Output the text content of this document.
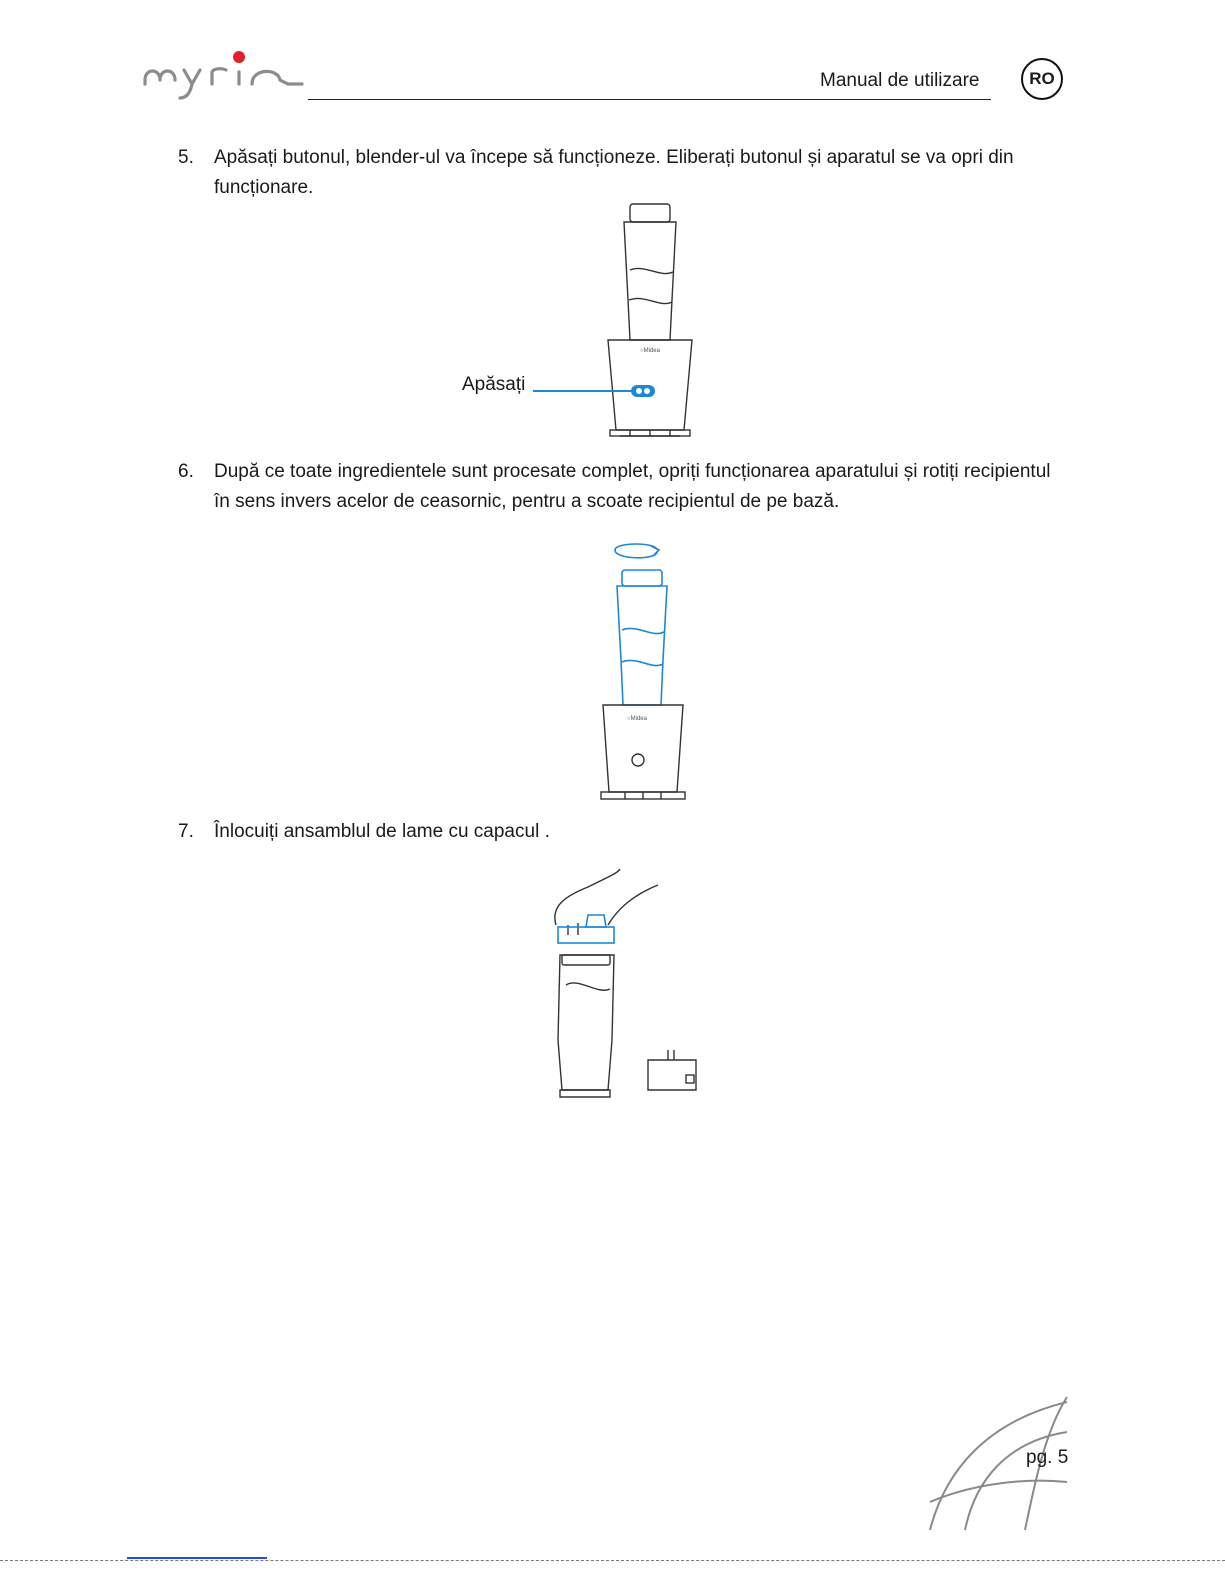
Manual de utilizare	RO
5. Apăsați butonul, blender-ul va începe să funcționeze. Eliberați butonul și aparatul se va opri din funcționare.
○Midea
Apăsați
6. După ce toate ingredientele sunt procesate complet, opriți funcționarea aparatului și rotiți recipientul în sens invers acelor de ceasornic, pentru a scoate recipientul de pe bază.
○Midea
7. Înlocuiți ansamblul de lame cu capacul .
pg. 5
